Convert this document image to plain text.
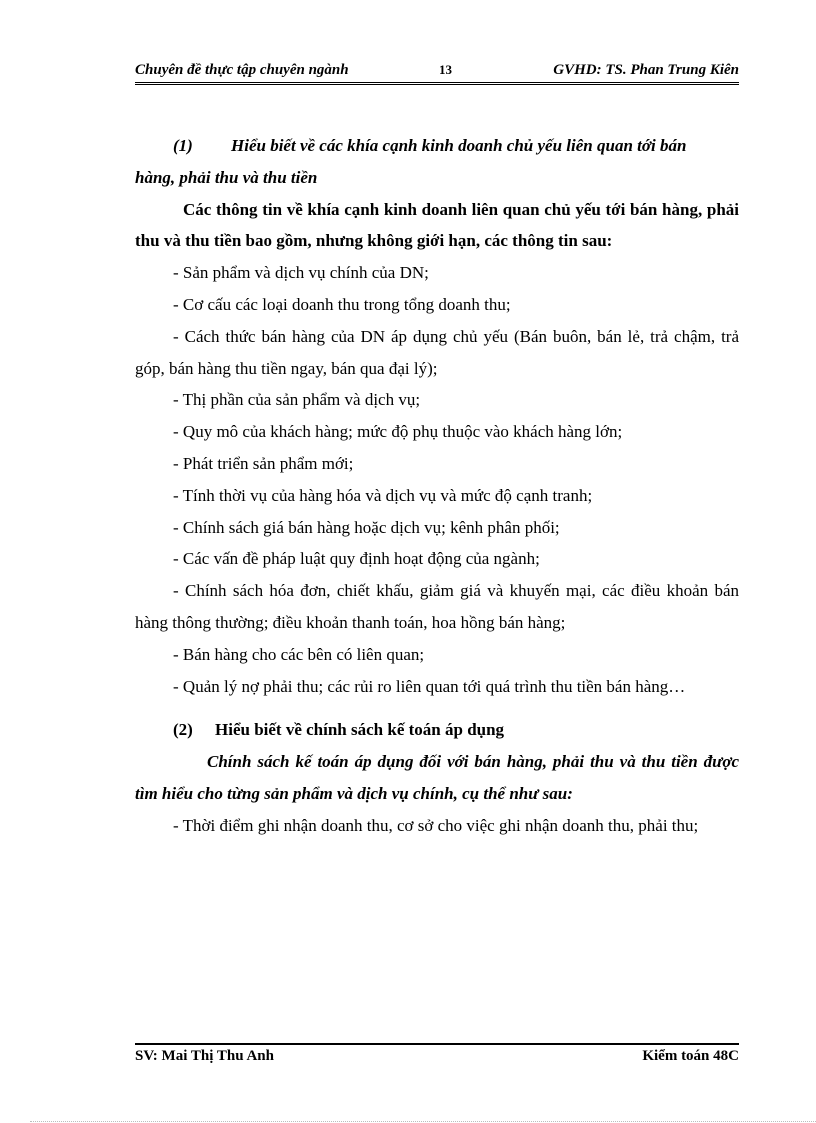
Chuyên đề thực tập chuyên ngành	13	GVHD: TS. Phan Trung Kiên

(1) Hiểu biết về các khía cạnh kinh doanh chủ yếu liên quan tới bán

hàng, phải thu và thu tiền

Các thông tin về khía cạnh kinh doanh liên quan chủ yếu tới bán hàng, phải thu và thu tiền bao gồm, nhưng không giới hạn, các thông tin sau:

- Sản phẩm và dịch vụ chính của DN;

- Cơ cấu các loại doanh thu trong tổng doanh thu;

- Cách thức bán hàng của DN áp dụng chủ yếu (Bán buôn, bán lẻ, trả chậm, trả góp, bán hàng thu tiền ngay, bán qua đại lý);

- Thị phần của sản phẩm và dịch vụ;

- Quy mô của khách hàng; mức độ phụ thuộc vào khách hàng lớn;

- Phát triển sản phẩm mới;

- Tính thời vụ của hàng hóa và dịch vụ và mức độ cạnh tranh;

- Chính sách giá bán hàng hoặc dịch vụ; kênh phân phối;

- Các vấn đề pháp luật quy định hoạt động của ngành;

- Chính sách hóa đơn, chiết khấu, giảm giá và khuyến mại, các điều khoản bán hàng thông thường; điều khoản thanh toán, hoa hồng bán hàng;

- Bán hàng cho các bên có liên quan;

- Quản lý nợ phải thu; các rủi ro liên quan tới quá trình thu tiền bán hàng…

(2) Hiểu biết về chính sách kế toán áp dụng

Chính sách kế toán áp dụng đối với bán hàng, phải thu và thu tiền được tìm hiểu cho từng sản phẩm và dịch vụ chính, cụ thể như sau:

- Thời điểm ghi nhận doanh thu, cơ sở cho việc ghi nhận doanh thu, phải thu;

SV: Mai Thị Thu Anh	Kiểm toán 48C
